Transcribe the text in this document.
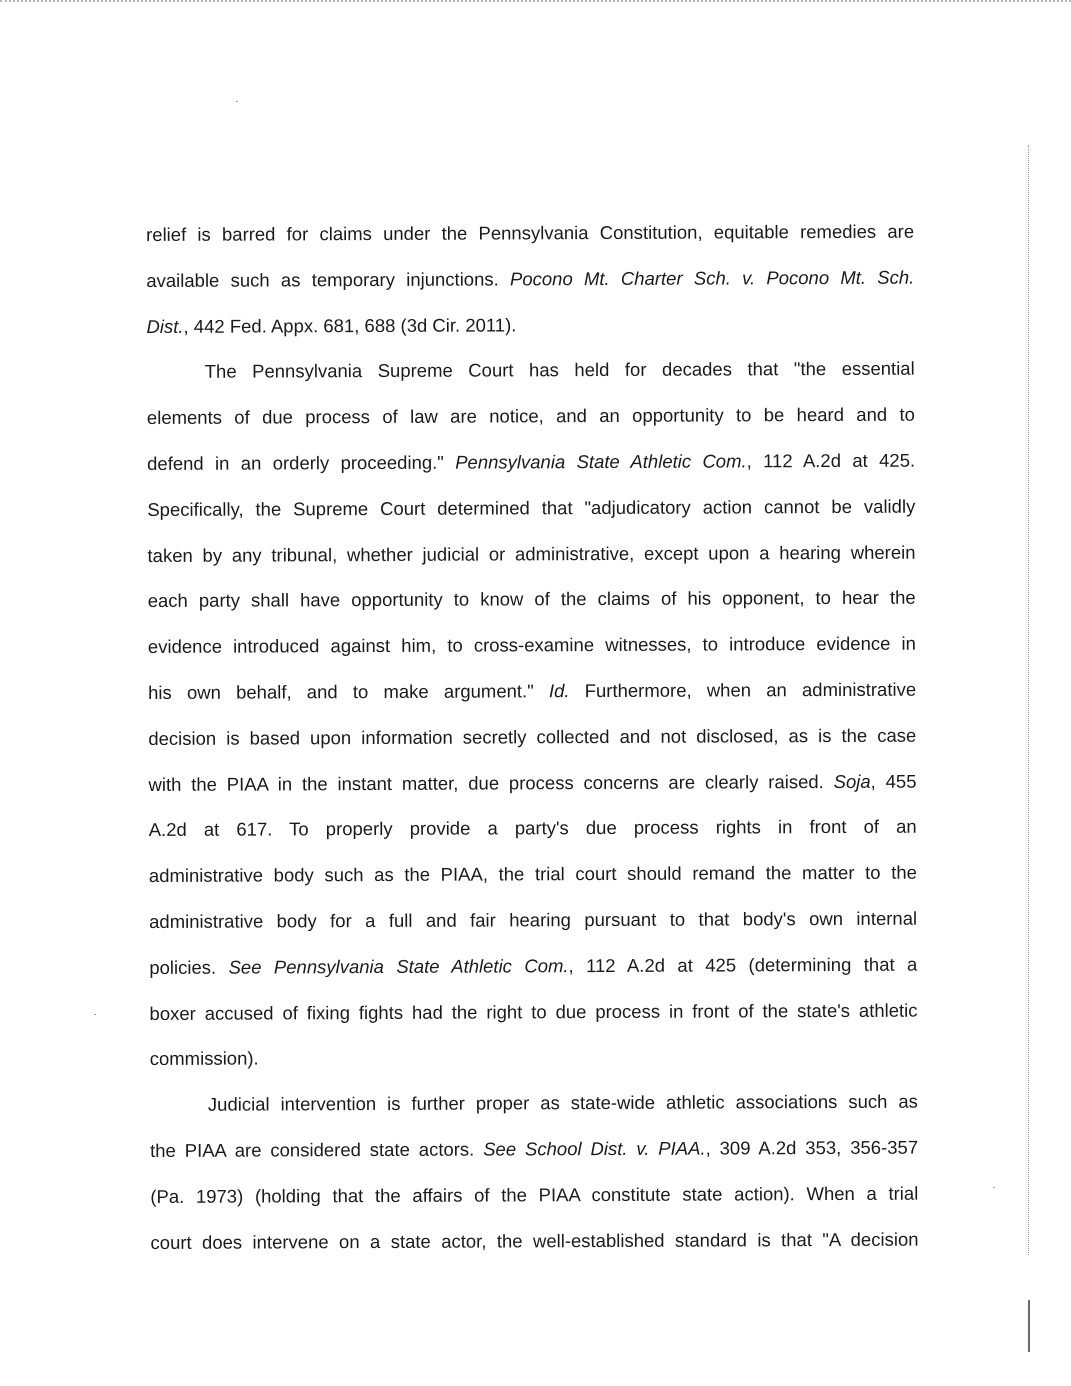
relief is barred for claims under the Pennsylvania Constitution, equitable remedies are
available such as temporary injunctions. Pocono Mt. Charter Sch. v. Pocono Mt. Sch.
Dist., 442 Fed. Appx. 681, 688 (3d Cir. 2011).
The Pennsylvania Supreme Court has held for decades that "the essential
elements of due process of law are notice, and an opportunity to be heard and to
defend in an orderly proceeding." Pennsylvania State Athletic Com., 112 A.2d at 425.
Specifically, the Supreme Court determined that "adjudicatory action cannot be validly
taken by any tribunal, whether judicial or administrative, except upon a hearing wherein
each party shall have opportunity to know of the claims of his opponent, to hear the
evidence introduced against him, to cross-examine witnesses, to introduce evidence in
his own behalf, and to make argument." Id. Furthermore, when an administrative
decision is based upon information secretly collected and not disclosed, as is the case
with the PIAA in the instant matter, due process concerns are clearly raised. Soja, 455
A.2d at 617. To properly provide a party's due process rights in front of an
administrative body such as the PIAA, the trial court should remand the matter to the
administrative body for a full and fair hearing pursuant to that body's own internal
policies. See Pennsylvania State Athletic Com., 112 A.2d at 425 (determining that a
boxer accused of fixing fights had the right to due process in front of the state's athletic
commission).
Judicial intervention is further proper as state-wide athletic associations such as
the PIAA are considered state actors. See School Dist. v. PIAA., 309 A.2d 353, 356-357
(Pa. 1973) (holding that the affairs of the PIAA constitute state action). When a trial
court does intervene on a state actor, the well-established standard is that "A decision
